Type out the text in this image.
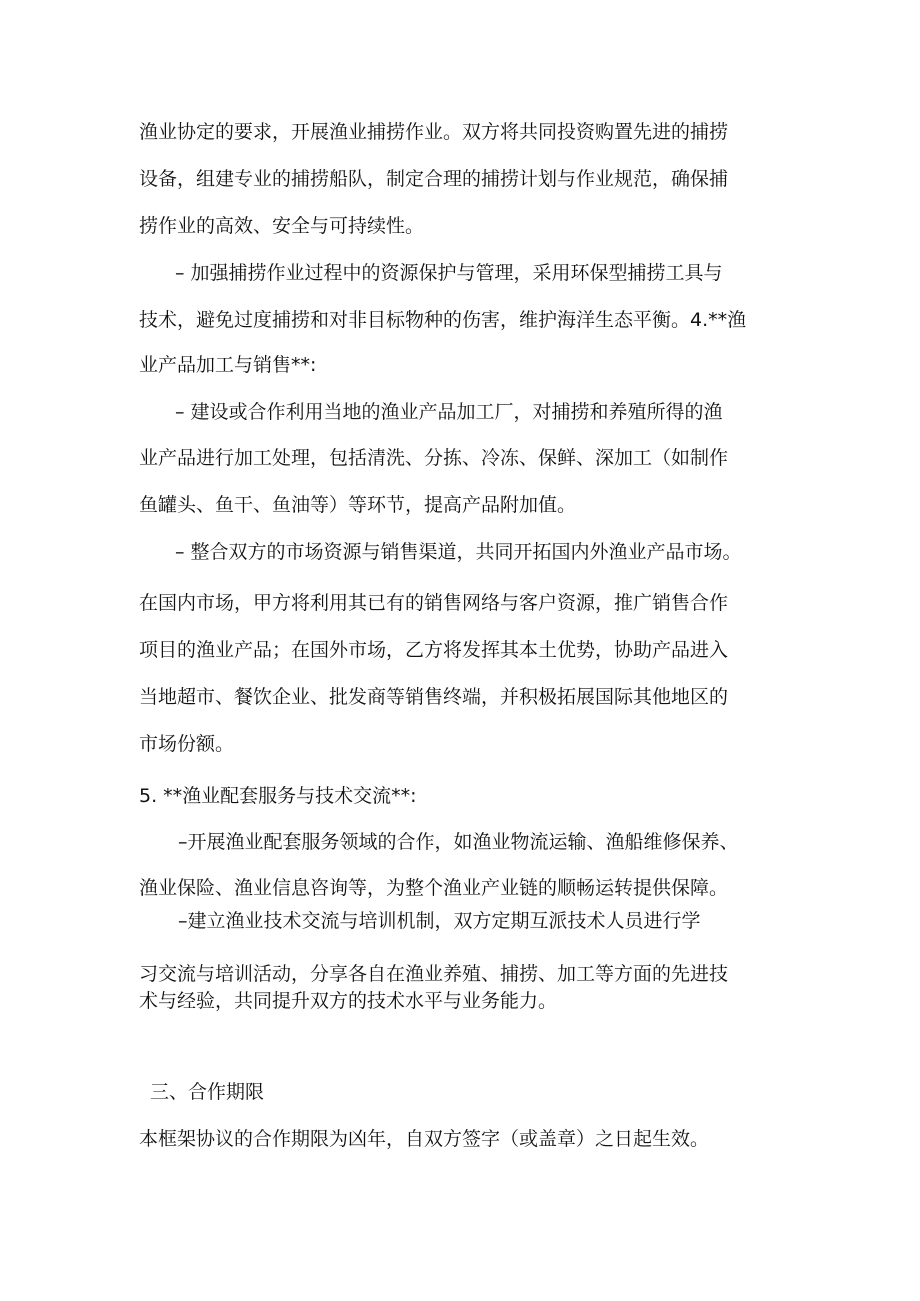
渔业协定的要求，开展渔业捕捞作业。双方将共同投资购置先进的捕捞

设备，组建专业的捕捞船队，制定合理的捕捞计划与作业规范，确保捕

捞作业的高效、安全与可持续性。

– 加强捕捞作业过程中的资源保护与管理，采用环保型捕捞工具与

技术，避免过度捕捞和对非目标物种的伤害，维护海洋生态平衡。4.**渔

业产品加工与销售**:

– 建设或合作利用当地的渔业产品加工厂，对捕捞和养殖所得的渔

业产品进行加工处理，包括清洗、分拣、冷冻、保鲜、深加工（如制作

鱼罐头、鱼干、鱼油等）等环节，提高产品附加值。

– 整合双方的市场资源与销售渠道，共同开拓国内外渔业产品市场。

在国内市场，甲方将利用其已有的销售网络与客户资源，推广销售合作

项目的渔业产品；在国外市场，乙方将发挥其本土优势，协助产品进入

当地超市、餐饮企业、批发商等销售终端，并积极拓展国际其他地区的

市场份额。

5. **渔业配套服务与技术交流**:

–开展渔业配套服务领域的合作，如渔业物流运输、渔船维修保养、

渔业保险、渔业信息咨询等，为整个渔业产业链的顺畅运转提供保障。

–建立渔业技术交流与培训机制，双方定期互派技术人员进行学

习交流与培训活动，分享各自在渔业养殖、捕捞、加工等方面的先进技

术与经验，共同提升双方的技术水平与业务能力。

三、合作期限

本框架协议的合作期限为凶年，自双方签字（或盖章）之日起生效。
